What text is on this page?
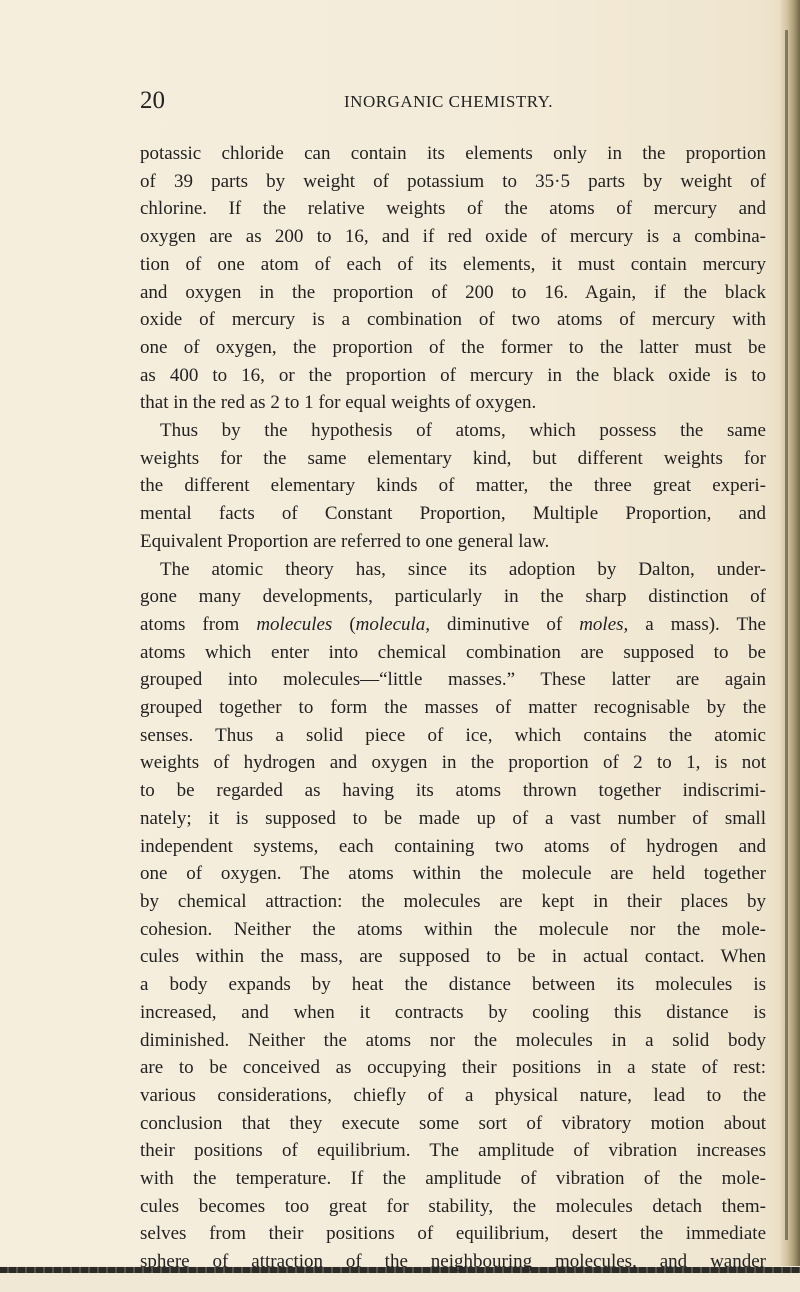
20	INORGANIC CHEMISTRY.
potassic chloride can contain its elements only in the proportion
of 39 parts by weight of potassium to 35·5 parts by weight of
chlorine. If the relative weights of the atoms of mercury and
oxygen are as 200 to 16, and if red oxide of mercury is a combina-
tion of one atom of each of its elements, it must contain mercury
and oxygen in the proportion of 200 to 16. Again, if the black
oxide of mercury is a combination of two atoms of mercury with
one of oxygen, the proportion of the former to the latter must be
as 400 to 16, or the proportion of mercury in the black oxide is to
that in the red as 2 to 1 for equal weights of oxygen.
Thus by the hypothesis of atoms, which possess the same
weights for the same elementary kind, but different weights for
the different elementary kinds of matter, the three great experi-
mental facts of Constant Proportion, Multiple Proportion, and
Equivalent Proportion are referred to one general law.
The atomic theory has, since its adoption by Dalton, under-
gone many developments, particularly in the sharp distinction of
atoms from molecules (molecula, diminutive of moles, a mass). The
atoms which enter into chemical combination are supposed to be
grouped into molecules—“little masses.” These latter are again
grouped together to form the masses of matter recognisable by the
senses. Thus a solid piece of ice, which contains the atomic
weights of hydrogen and oxygen in the proportion of 2 to 1, is not
to be regarded as having its atoms thrown together indiscrimi-
nately; it is supposed to be made up of a vast number of small
independent systems, each containing two atoms of hydrogen and
one of oxygen. The atoms within the molecule are held together
by chemical attraction: the molecules are kept in their places by
cohesion. Neither the atoms within the molecule nor the mole-
cules within the mass, are supposed to be in actual contact. When
a body expands by heat the distance between its molecules is
increased, and when it contracts by cooling this distance is
diminished. Neither the atoms nor the molecules in a solid body
are to be conceived as occupying their positions in a state of rest:
various considerations, chiefly of a physical nature, lead to the
conclusion that they execute some sort of vibratory motion about
their positions of equilibrium. The amplitude of vibration increases
with the temperature. If the amplitude of vibration of the mole-
cules becomes too great for stability, the molecules detach them-
selves from their positions of equilibrium, desert the immediate
sphere of attraction of the neighbouring molecules, and wander
